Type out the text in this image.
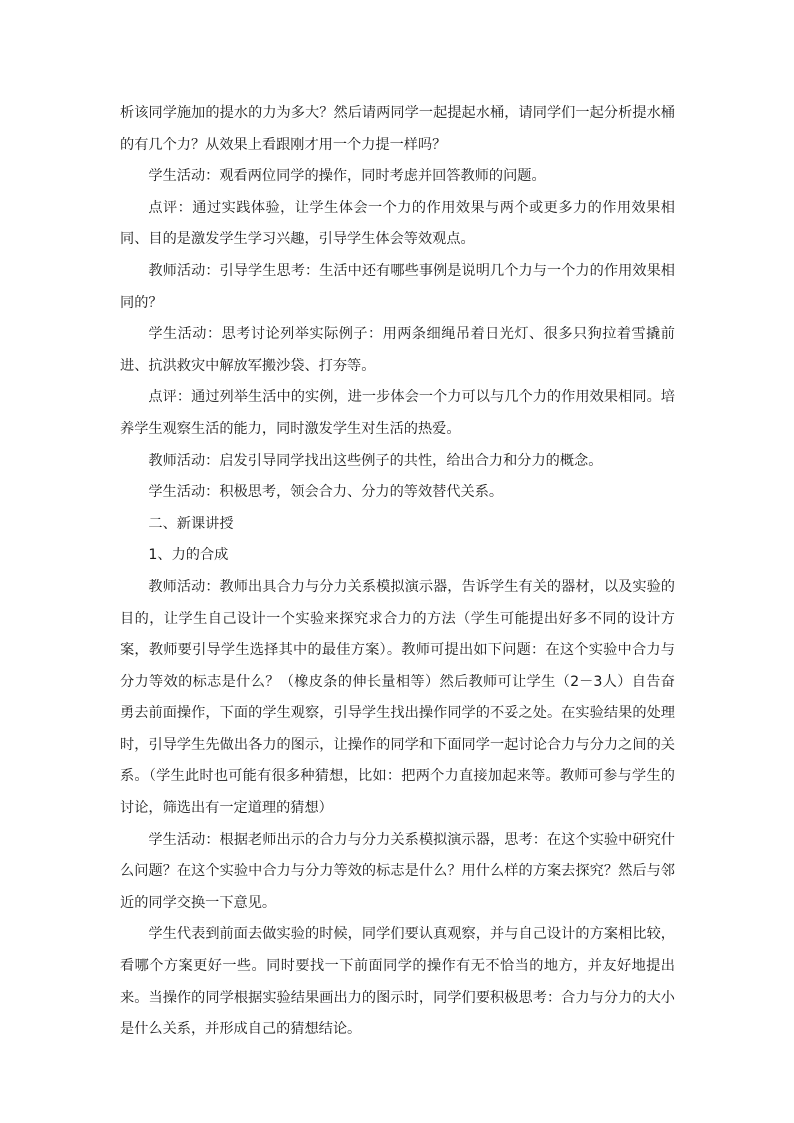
析该同学施加的提水的力为多大？然后请两同学一起提起水桶，请同学们一起分析提水桶的有几个力？从效果上看跟刚才用一个力提一样吗？

学生活动：观看两位同学的操作，同时考虑并回答教师的问题。

点评：通过实践体验，让学生体会一个力的作用效果与两个或更多力的作用效果相同、目的是激发学生学习兴趣，引导学生体会等效观点。

教师活动：引导学生思考：生活中还有哪些事例是说明几个力与一个力的作用效果相同的？

学生活动：思考讨论列举实际例子：用两条细绳吊着日光灯、很多只狗拉着雪撬前进、抗洪救灾中解放军搬沙袋、打夯等。

点评：通过列举生活中的实例，进一步体会一个力可以与几个力的作用效果相同。培养学生观察生活的能力，同时激发学生对生活的热爱。

教师活动：启发引导同学找出这些例子的共性，给出合力和分力的概念。

学生活动：积极思考，领会合力、分力的等效替代关系。

二、新课讲授

1、力的合成

教师活动：教师出具合力与分力关系模拟演示器，告诉学生有关的器材，以及实验的目的，让学生自己设计一个实验来探究求合力的方法（学生可能提出好多不同的设计方案，教师要引导学生选择其中的最佳方案）。教师可提出如下问题：在这个实验中合力与分力等效的标志是什么？（橡皮条的伸长量相等）然后教师可让学生（2－3人）自告奋勇去前面操作，下面的学生观察，引导学生找出操作同学的不妥之处。在实验结果的处理时，引导学生先做出各力的图示，让操作的同学和下面同学一起讨论合力与分力之间的关系。（学生此时也可能有很多种猜想，比如：把两个力直接加起来等。教师可参与学生的讨论，筛选出有一定道理的猜想）

学生活动：根据老师出示的合力与分力关系模拟演示器，思考：在这个实验中研究什么问题？在这个实验中合力与分力等效的标志是什么？用什么样的方案去探究？然后与邻近的同学交换一下意见。

学生代表到前面去做实验的时候，同学们要认真观察，并与自己设计的方案相比较，看哪个方案更好一些。同时要找一下前面同学的操作有无不恰当的地方，并友好地提出来。当操作的同学根据实验结果画出力的图示时，同学们要积极思考：合力与分力的大小是什么关系，并形成自己的猜想结论。
